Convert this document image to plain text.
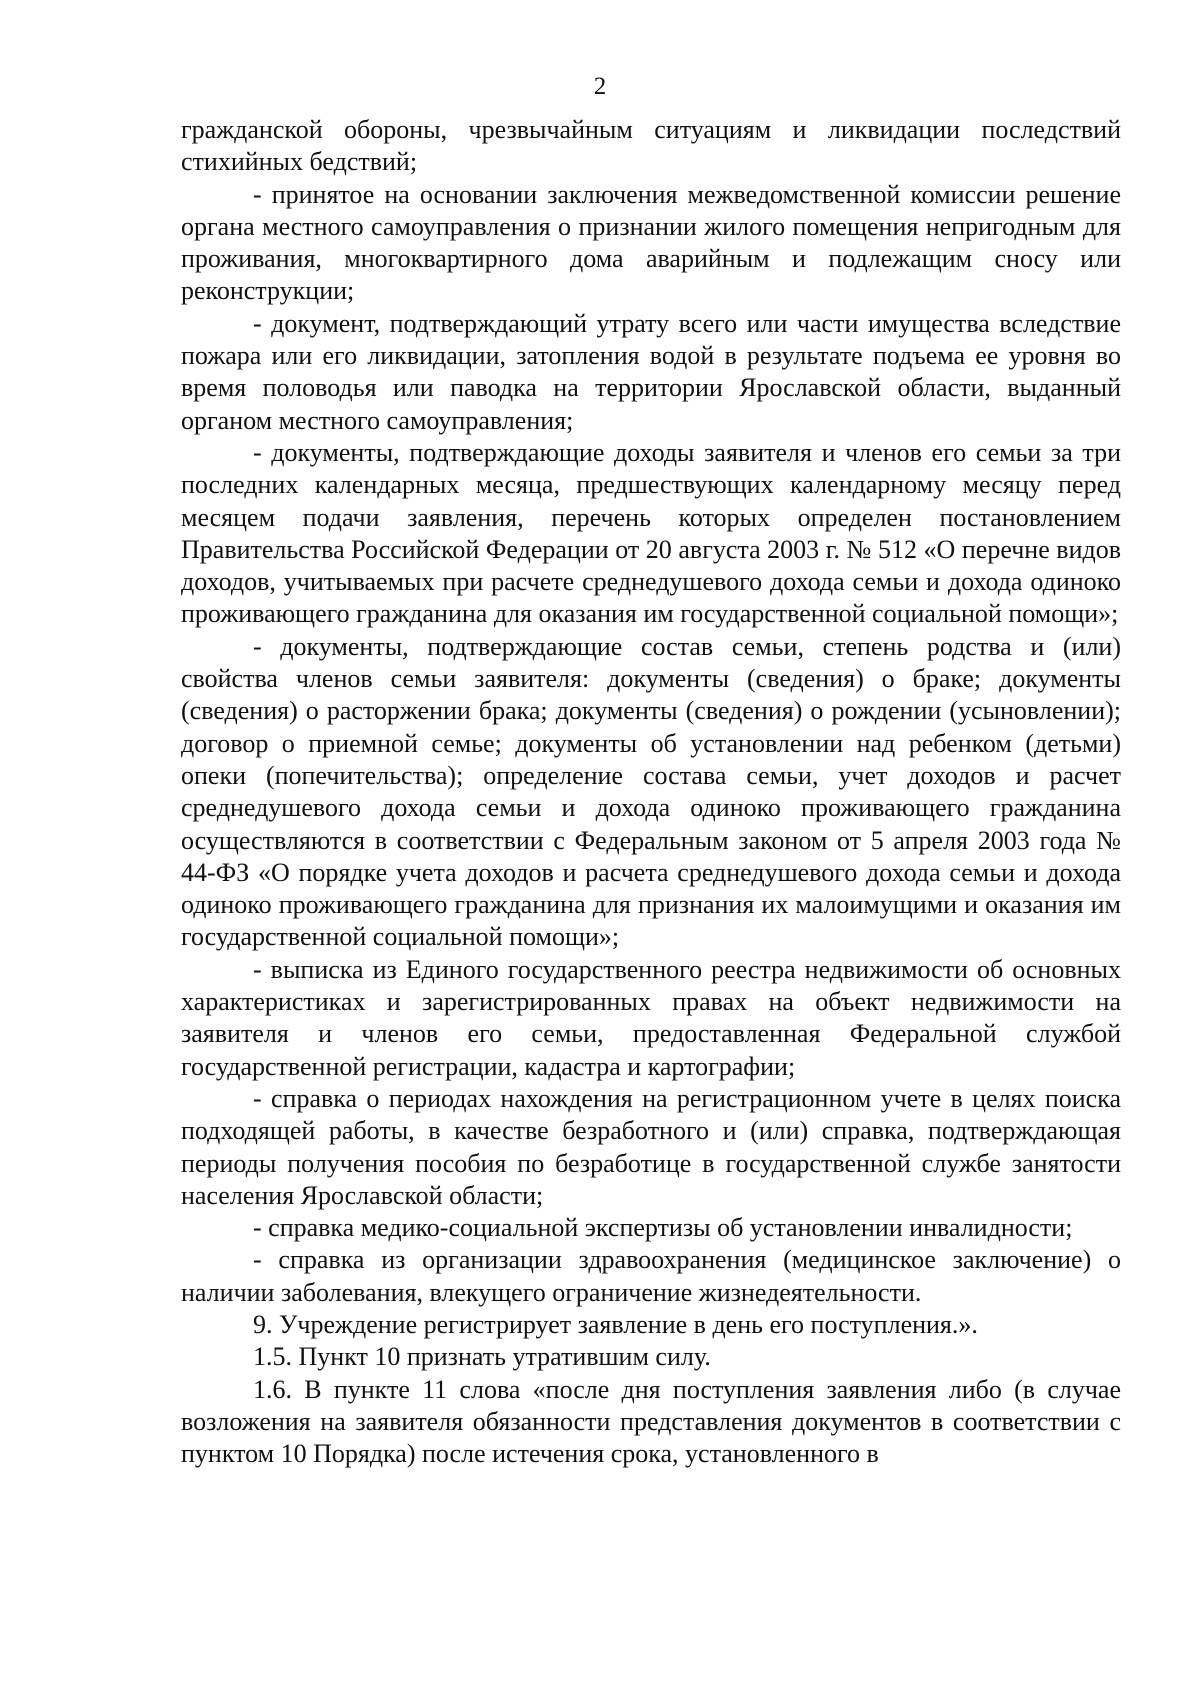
2

гражданской обороны, чрезвычайным ситуациям и ликвидации последствий стихийных бедствий;

- принятое на основании заключения межведомственной комиссии решение органа местного самоуправления о признании жилого помещения непригодным для проживания, многоквартирного дома аварийным и подлежащим сносу или реконструкции;

- документ, подтверждающий утрату всего или части имущества вследствие пожара или его ликвидации, затопления водой в результате подъема ее уровня во время половодья или паводка на территории Ярославской области, выданный органом местного самоуправления;

- документы, подтверждающие доходы заявителя и членов его семьи за три последних календарных месяца, предшествующих календарному месяцу перед месяцем подачи заявления, перечень которых определен постановлением Правительства Российской Федерации от 20 августа 2003 г. № 512 «О перечне видов доходов, учитываемых при расчете среднедушевого дохода семьи и дохода одиноко проживающего гражданина для оказания им государственной социальной помощи»;

- документы, подтверждающие состав семьи, степень родства и (или) свойства членов семьи заявителя: документы (сведения) о браке; документы (сведения) о расторжении брака; документы (сведения) о рождении (усыновлении); договор о приемной семье; документы об установлении над ребенком (детьми) опеки (попечительства); определение состава семьи, учет доходов и расчет среднедушевого дохода семьи и дохода одиноко проживающего гражданина осуществляются в соответствии с Федеральным законом от 5 апреля 2003 года № 44-ФЗ «О порядке учета доходов и расчета среднедушевого дохода семьи и дохода одиноко проживающего гражданина для признания их малоимущими и оказания им государственной социальной помощи»;

- выписка из Единого государственного реестра недвижимости об основных характеристиках и зарегистрированных правах на объект недвижимости на заявителя и членов его семьи, предоставленная Федеральной службой государственной регистрации, кадастра и картографии;

- справка о периодах нахождения на регистрационном учете в целях поиска подходящей работы, в качестве безработного и (или) справка, подтверждающая периоды получения пособия по безработице в государственной службе занятости населения Ярославской области;

- справка медико-социальной экспертизы об установлении инвалидности;

- справка из организации здравоохранения (медицинское заключение) о наличии заболевания, влекущего ограничение жизнедеятельности.

9. Учреждение регистрирует заявление в день его поступления.».

1.5. Пункт 10 признать утратившим силу.

1.6. В пункте 11 слова «после дня поступления заявления либо (в случае возложения на заявителя обязанности представления документов в соответствии с пунктом 10 Порядка) после истечения срока, установленного в
